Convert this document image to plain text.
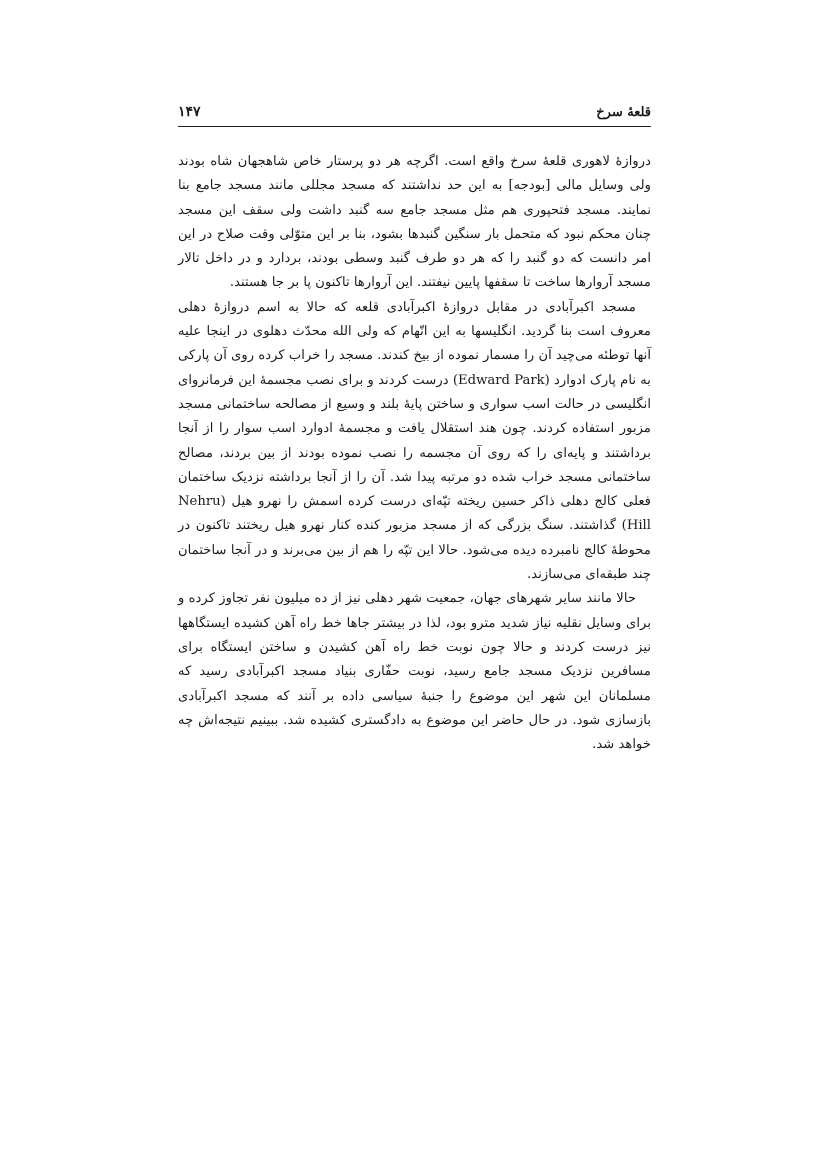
قلعهٔ سرخ
۱۴۷

دروازهٔ لاهوری قلعهٔ سرخ واقع است. اگرچه هر دو پرستار خاص شاهجهان شاه بودند ولی وسایل مالی [بودجه] به این حد نداشتند که مسجد مجللی مانند مسجد جامع بنا نمایند. مسجد فتحپوری هم مثل مسجد جامع سه گنبد داشت ولی سقف این مسجد چنان محکم نبود که متحمل بار سنگین گنبدها بشود، بنا بر این متوّلی وقت صلاح در این امر دانست که دو گنبد را که هر دو طرف گنبد وسطی بودند، بردارد و در داخل تالار مسجد آروارها ساخت تا سقفها پایین نیفتند. این آروارها تاکنون پا بر جا هستند.

مسجد اکبرآبادی در مقابل دروازهٔ اکبرآبادی قلعه که حالا به اسم دروازهٔ دهلی معروف است بنا گردید. انگلیسها به این اتّهام که ولی الله محدّث دهلوی در اینجا علیه آنها توطئه می‌چید آن را مسمار نموده از بیخ کندند. مسجد را خراب کرده روی آن پارکی به نام پارک ادوارد (Edward Park) درست کردند و برای نصب مجسمهٔ این فرمانروای انگلیسی در حالت اسب سواری و ساختن پایهٔ بلند و وسیع از مصالحه ساختمانی مسجد مزبور استفاده کردند. چون هند استقلال یافت و مجسمهٔ ادوارد اسب سوار را از آنجا برداشتند و پایه‌ای را که روی آن مجسمه را نصب نموده بودند از بین بردند، مصالح ساختمانی مسجد خراب شده دو مرتبه پیدا شد. آن را از آنجا برداشته نزدیک ساختمان فعلی کالج دهلی ذاکر حسین ریخته تپّه‌ای درست کرده اسمش را نهرو هیل (Nehru Hill) گذاشتند. سنگ بزرگی که از مسجد مزبور کنده کنار نهرو هیل ریختند تاکنون در محوطهٔ کالج نامبرده دیده می‌شود. حالا این تپّه را هم از بین می‌برند و در آنجا ساختمان چند طبقه‌ای می‌سازند.

حالا مانند سایر شهرهای جهان، جمعیت شهر دهلی نیز از ده میلیون نفر تجاوز کرده و برای وسایل نقلیه نیاز شدید مترو بود، لذا در بیشتر جاها خط راه آهن کشیده ایستگاهها نیز درست کردند و حالا چون نوبت خط راه آهن کشیدن و ساختن ایستگاه برای مسافرین نزدیک مسجد جامع رسید، نوبت حفّاری بنیاد مسجد اکبرآبادی رسید که مسلمانان این شهر این موضوع را جنبهٔ سیاسی داده بر آنند که مسجد اکبرآبادی بازسازی شود. در حال حاضر این موضوع به دادگستری کشیده شد. ببینیم نتیجه‌اش چه خواهد شد.
